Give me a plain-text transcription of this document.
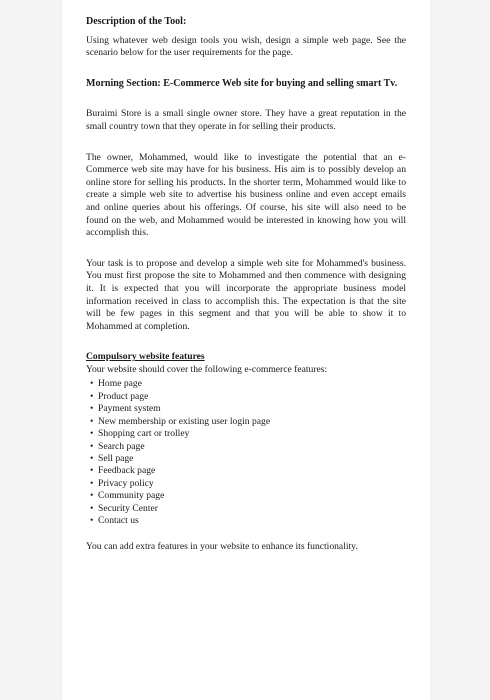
Description of the Tool:

Using whatever web design tools you wish, design a simple web page. See the scenario below for the user requirements for the page.

Morning Section: E-Commerce Web site for buying and selling smart Tv.

Buraimi Store is a small single owner store. They have a great reputation in the small country town that they operate in for selling their products.

The owner, Mohammed, would like to investigate the potential that an e-Commerce web site may have for his business. His aim is to possibly develop an online store for selling his products. In the shorter term, Mohammed would like to create a simple web site to advertise his business online and even accept emails and online queries about his offerings. Of course, his site will also need to be found on the web, and Mohammed would be interested in knowing how you will accomplish this.

Your task is to propose and develop a simple web site for Mohammed's business. You must first propose the site to Mohammed and then commence with designing it. It is expected that you will incorporate the appropriate business model information received in class to accomplish this. The expectation is that the site will be few pages in this segment and that you will be able to show it to Mohammed at completion.

Compulsory website features

Your website should cover the following e-commerce features:

• Home page
• Product page
• Payment system
• New membership or existing user login page
• Shopping cart or trolley
• Search page
• Sell page
• Feedback page
• Privacy policy
• Community page
• Security Center
• Contact us

You can add extra features in your website to enhance its functionality.
